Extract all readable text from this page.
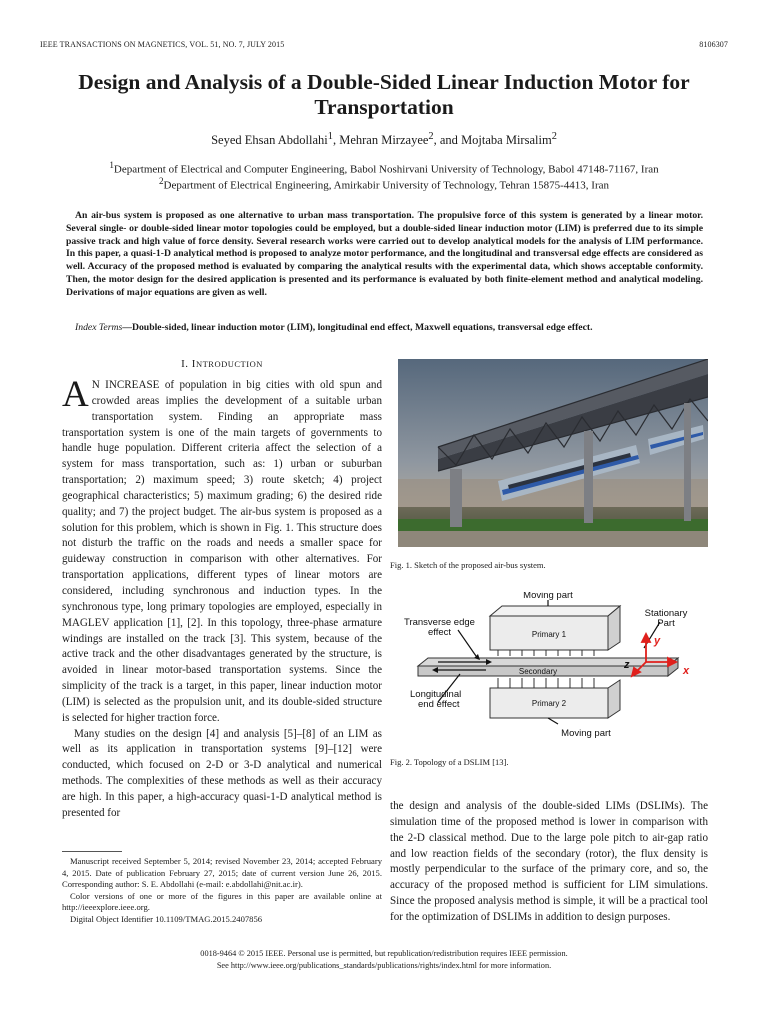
IEEE TRANSACTIONS ON MAGNETICS, VOL. 51, NO. 7, JULY 2015	8106307
Design and Analysis of a Double-Sided Linear Induction Motor for Transportation
Seyed Ehsan Abdollahi$^1$, Mehran Mirzayee$^2$, and Mojtaba Mirsalim$^2$
$^1$Department of Electrical and Computer Engineering, Babol Noshirvani University of Technology, Babol 47148-71167, Iran
$^2$Department of Electrical Engineering, Amirkabir University of Technology, Tehran 15875-4413, Iran

An air-bus system is proposed as one alternative to urban mass transportation. The propulsive force of this system is generated by a linear motor. Several single- or double-sided linear motor topologies could be employed, but a double-sided linear induction motor (LIM) is preferred due to its simple passive track and high value of force density. Several research works were carried out to develop analytical models for the analysis of LIM performance. In this paper, a quasi-1-D analytical method is proposed to analyze motor performance, and the longitudinal and transversal edge effects are considered as well. Accuracy of the proposed method is evaluated by comparing the analytical results with the experimental data, which shows acceptable conformity. Then, the motor design for the desired application is presented and its performance is evaluated by both finite-element method and analytical modeling. Derivations of major equations are given as well.

Index Terms—Double-sided, linear induction motor (LIM), longitudinal end effect, Maxwell equations, transversal edge effect.

I. INTRODUCTION

A N INCREASE of population in big cities with old spun and crowded areas implies the development of a suitable urban transportation system. Finding an appropriate mass transportation system is one of the main targets of governments to handle huge population. Different criteria affect the selection of a system for mass transportation, such as: 1) urban or suburban transportation; 2) maximum speed; 3) route sketch; 4) project geographical characteristics; 5) maximum grading; 6) the desired ride quality; and 7) the project budget. The air-bus system is proposed as a solution for this problem, which is shown in Fig. 1. This structure does not disturb the traffic on the roads and needs a smaller space for guideway construction in comparison with other alternatives. For transportation applications, different types of linear motors are considered, including synchronous and induction types. In the synchronous type, long primary topologies are employed, especially in MAGLEV application [1], [2]. In this topology, three-phase armature windings are installed on the track [3]. This system, because of the active track and the other disadvantages generated by the structure, is avoided in linear motor-based transportation systems. Since the simplicity of the track is a target, in this paper, linear induction motor (LIM) is selected as the propulsion unit, and its double-sided structure is selected for higher traction force.

Many studies on the design [4] and analysis [5]–[8] of an LIM as well as its application in transportation systems [9]–[12] were conducted, which focused on 2-D or 3-D analytical and numerical methods. The complexities of these methods as well as their accuracy are high. In this paper, a high-accuracy quasi-1-D analytical method is presented for

Manuscript received September 5, 2014; revised November 23, 2014; accepted February 4, 2015. Date of publication February 27, 2015; date of current version June 26, 2015. Corresponding author: S. E. Abdollahi (e-mail: e.abdollahi@nit.ac.ir).

Color versions of one or more of the figures in this paper are available online at http://ieeexplore.ieee.org.

Digital Object Identifier 10.1109/TMAG.2015.2407856

Fig. 1. Sketch of the proposed air-bus system.
Moving part
Stationary
Part
Transverse edge
effect	Primary 1
Secondary
Longitudinal
end effect	Primary 2
Moving part
x
y
z
Fig. 2. Topology of a DSLIM [13].

the design and analysis of the double-sided LIMs (DSLIMs). The simulation time of the proposed method is lower in comparison with the 2-D classical method. Due to the large pole pitch to air-gap ratio and low reaction fields of the secondary (rotor), the flux density is mostly perpendicular to the surface of the primary core, and so, the accuracy of the proposed method is sufficient for LIM simulations. Since the proposed analysis method is simple, it will be a practical tool for the optimization of DSLIMs in addition to design purposes.

0018-9464 © 2015 IEEE. Personal use is permitted, but republication/redistribution requires IEEE permission.
See http://www.ieee.org/publications_standards/publications/rights/index.html for more information.
